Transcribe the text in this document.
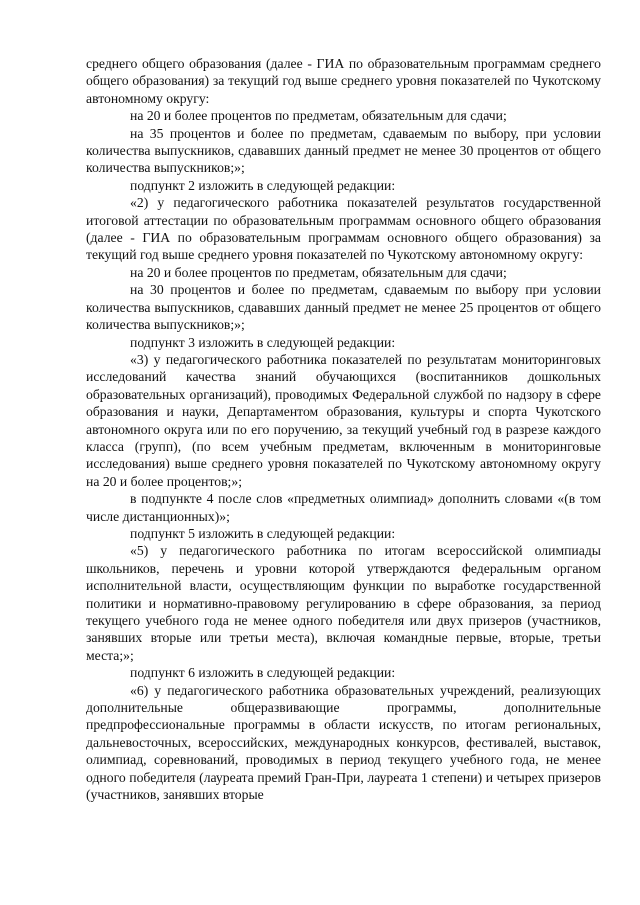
среднего общего образования (далее - ГИА по образовательным программам среднего общего образования) за текущий год выше среднего уровня показателей по Чукотскому автономному округу:

на 20 и более процентов по предметам, обязательным для сдачи;

на 35 процентов и более по предметам, сдаваемым по выбору, при условии количества выпускников, сдававших данный предмет не менее 30 процентов от общего количества выпускников;»;

подпункт 2 изложить в следующей редакции:

«2) у педагогического работника показателей результатов государственной итоговой аттестации по образовательным программам основного общего образования (далее - ГИА по образовательным программам основного общего образования) за текущий год выше среднего уровня показателей по Чукотскому автономному округу:

на 20 и более процентов по предметам, обязательным для сдачи;

на 30 процентов и более по предметам, сдаваемым по выбору при условии количества выпускников, сдававших данный предмет не менее 25 процентов от общего количества выпускников;»;

подпункт 3 изложить в следующей редакции:

«3) у педагогического работника показателей по результатам мониторинговых исследований качества знаний обучающихся (воспитанников дошкольных образовательных организаций), проводимых Федеральной службой по надзору в сфере образования и науки, Департаментом образования, культуры и спорта Чукотского автономного округа или по его поручению, за текущий учебный год в разрезе каждого класса (групп), (по всем учебным предметам, включенным в мониторинговые исследования) выше среднего уровня показателей по Чукотскому автономному округу на 20 и более процентов;»;

в подпункте 4 после слов «предметных олимпиад» дополнить словами «(в том числе дистанционных)»;

подпункт 5 изложить в следующей редакции:

«5) у педагогического работника по итогам всероссийской олимпиады школьников, перечень и уровни которой утверждаются федеральным органом исполнительной власти, осуществляющим функции по выработке государственной политики и нормативно-правовому регулированию в сфере образования, за период текущего учебного года не менее одного победителя или двух призеров (участников, занявших вторые или третьи места), включая командные первые, вторые, третьи места;»;

подпункт 6 изложить в следующей редакции:

«6) у педагогического работника образовательных учреждений, реализующих дополнительные общеразвивающие программы, дополнительные предпрофессиональные программы в области искусств, по итогам региональных, дальневосточных, всероссийских, международных конкурсов, фестивалей, выставок, олимпиад, соревнований, проводимых в период текущего учебного года, не менее одного победителя (лауреата премий Гран-При, лауреата 1 степени) и четырех призеров (участников, занявших вторые
